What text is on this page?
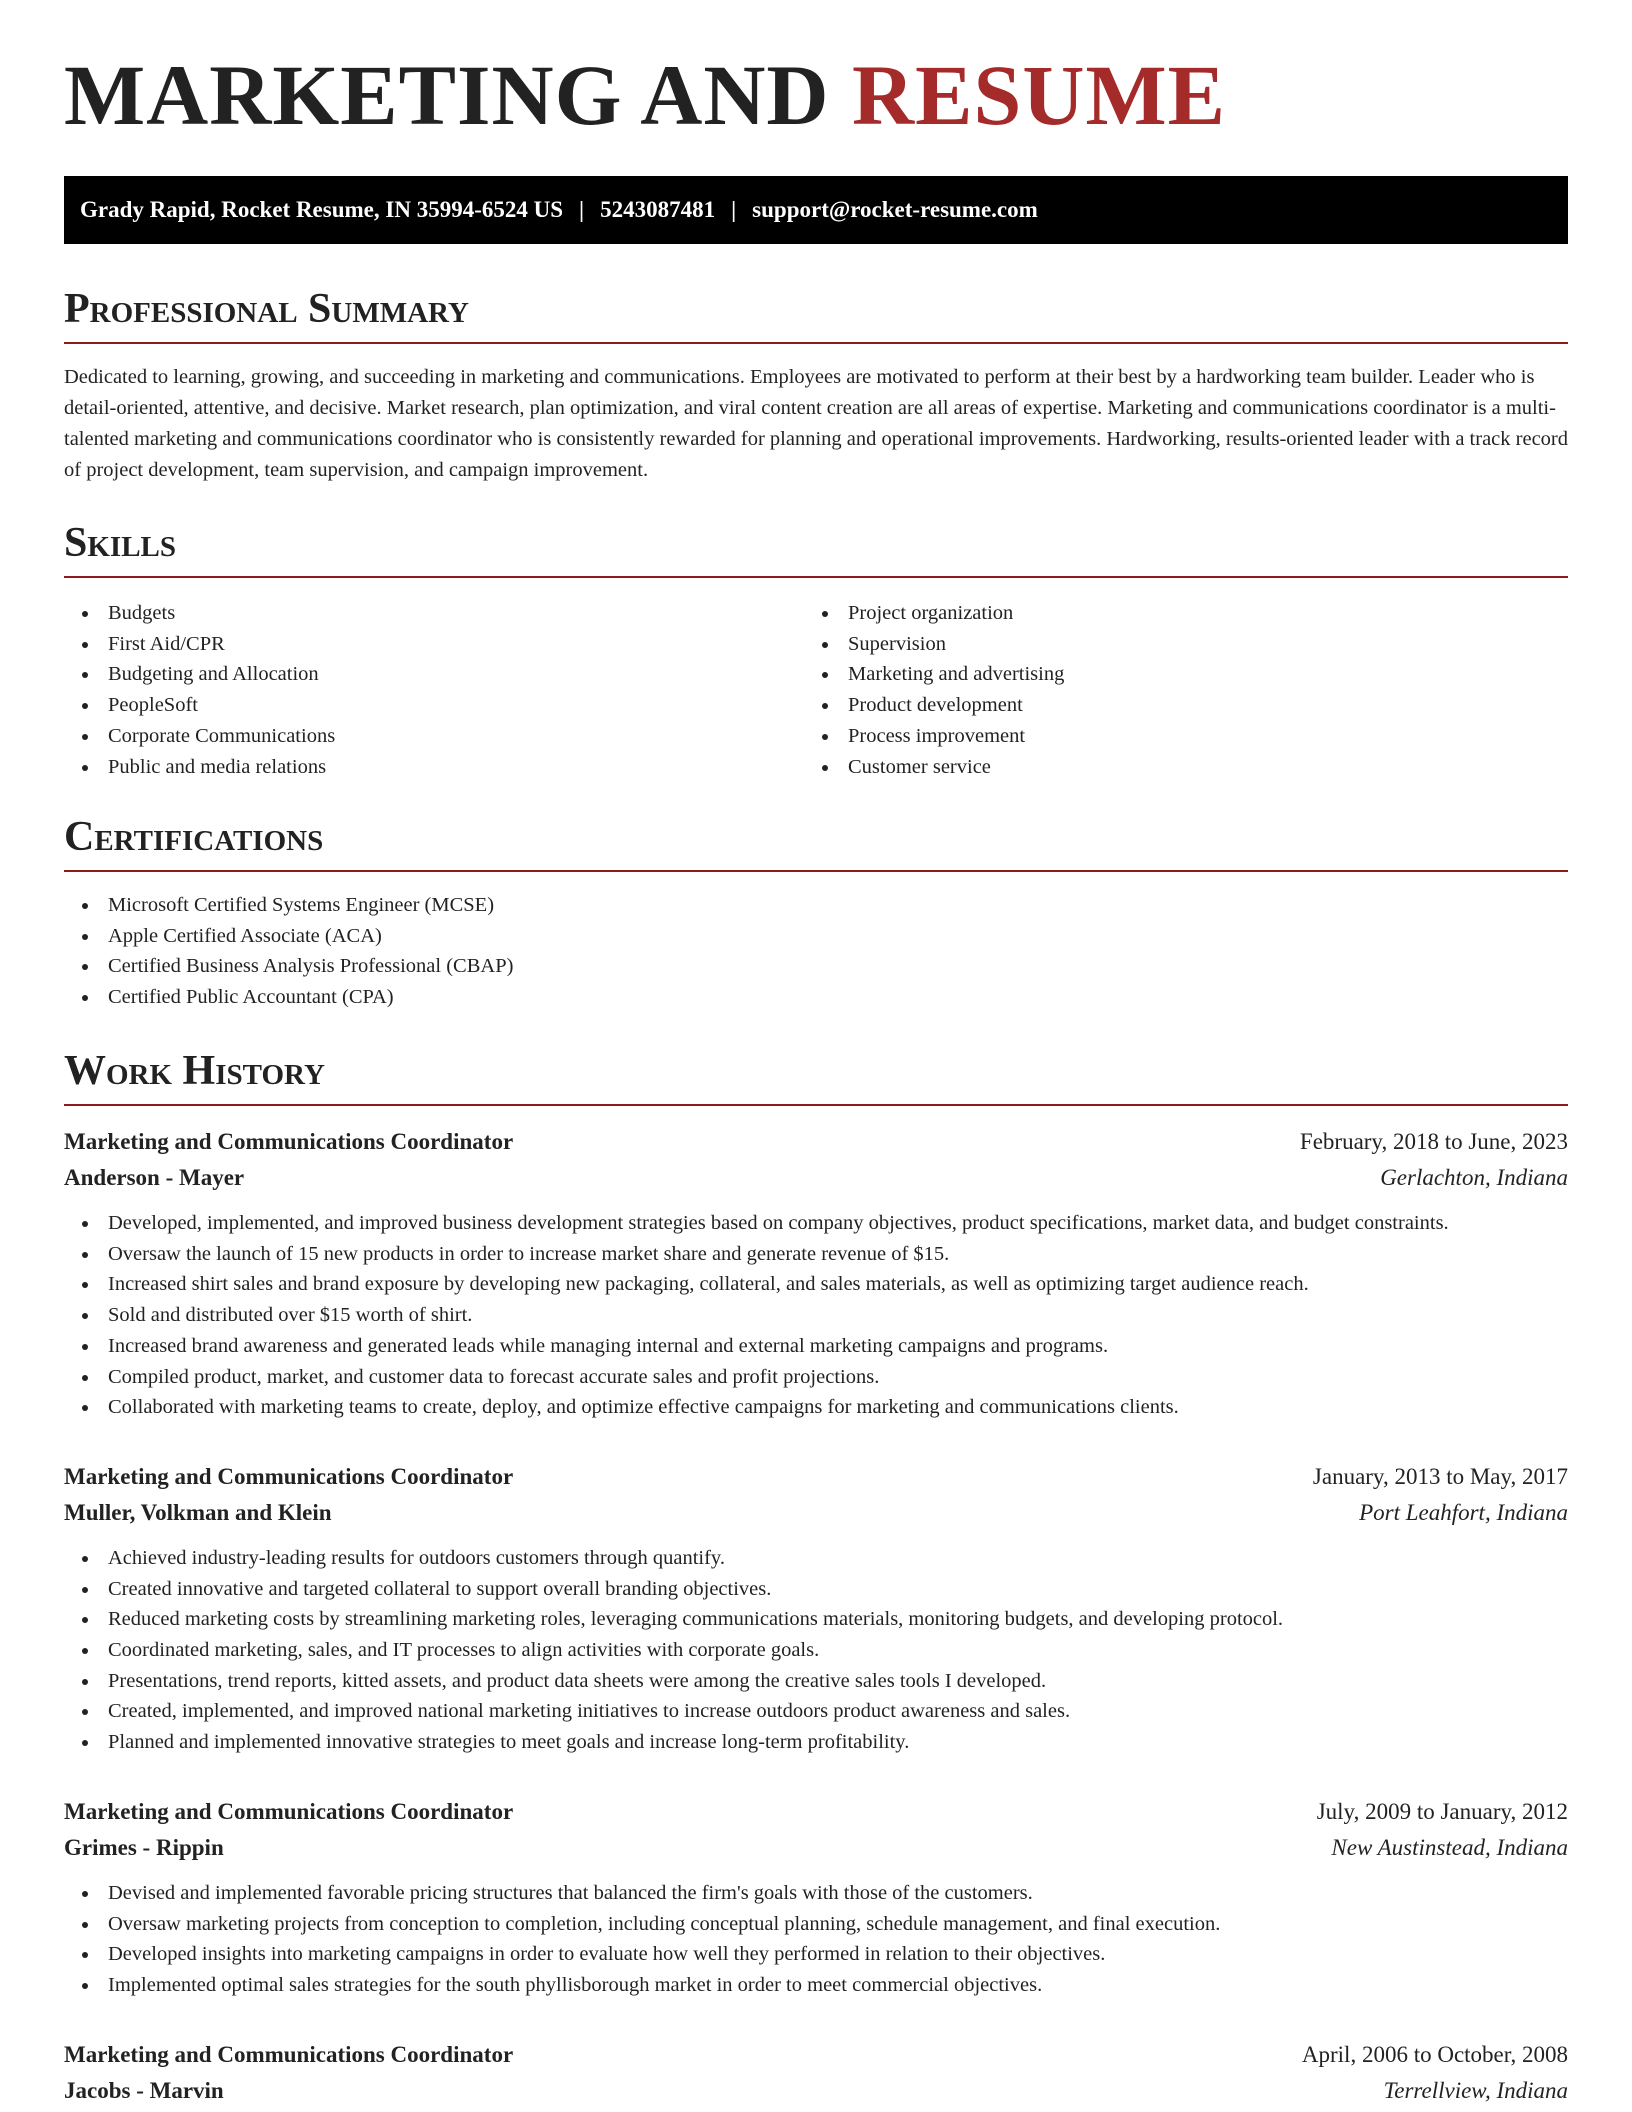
MARKETING AND RESUME
Grady Rapid, Rocket Resume, IN 35994-6524 US | 5243087481 | support@rocket-resume.com
Professional Summary

Dedicated to learning, growing, and succeeding in marketing and communications. Employees are motivated to perform at their best by a hardworking team builder. Leader who is detail-oriented, attentive, and decisive. Market research, plan optimization, and viral content creation are all areas of expertise. Marketing and communications coordinator is a multi-talented marketing and communications coordinator who is consistently rewarded for planning and operational improvements. Hardworking, results-oriented leader with a track record of project development, team supervision, and campaign improvement.

Skills
Budgets
First Aid/CPR
Budgeting and Allocation
PeopleSoft
Corporate Communications
Public and media relations
Project organization
Supervision
Marketing and advertising
Product development
Process improvement
Customer service
Certifications
Microsoft Certified Systems Engineer (MCSE)
Apple Certified Associate (ACA)
Certified Business Analysis Professional (CBAP)
Certified Public Accountant (CPA)
Work History
Marketing and Communications Coordinator	February, 2018 to June, 2023
Anderson - Mayer	Gerlachton, Indiana
Developed, implemented, and improved business development strategies based on company objectives, product specifications, market data, and budget constraints.
Oversaw the launch of 15 new products in order to increase market share and generate revenue of $15.
Increased shirt sales and brand exposure by developing new packaging, collateral, and sales materials, as well as optimizing target audience reach.
Sold and distributed over $15 worth of shirt.
Increased brand awareness and generated leads while managing internal and external marketing campaigns and programs.
Compiled product, market, and customer data to forecast accurate sales and profit projections.
Collaborated with marketing teams to create, deploy, and optimize effective campaigns for marketing and communications clients.
Marketing and Communications Coordinator	January, 2013 to May, 2017
Muller, Volkman and Klein	Port Leahfort, Indiana
Achieved industry-leading results for outdoors customers through quantify.
Created innovative and targeted collateral to support overall branding objectives.
Reduced marketing costs by streamlining marketing roles, leveraging communications materials, monitoring budgets, and developing protocol.
Coordinated marketing, sales, and IT processes to align activities with corporate goals.
Presentations, trend reports, kitted assets, and product data sheets were among the creative sales tools I developed.
Created, implemented, and improved national marketing initiatives to increase outdoors product awareness and sales.
Planned and implemented innovative strategies to meet goals and increase long-term profitability.
Marketing and Communications Coordinator	July, 2009 to January, 2012
Grimes - Rippin	New Austinstead, Indiana
Devised and implemented favorable pricing structures that balanced the firm's goals with those of the customers.
Oversaw marketing projects from conception to completion, including conceptual planning, schedule management, and final execution.
Developed insights into marketing campaigns in order to evaluate how well they performed in relation to their objectives.
Implemented optimal sales strategies for the south phyllisborough market in order to meet commercial objectives.
Marketing and Communications Coordinator	April, 2006 to October, 2008
Jacobs - Marvin	Terrellview, Indiana
